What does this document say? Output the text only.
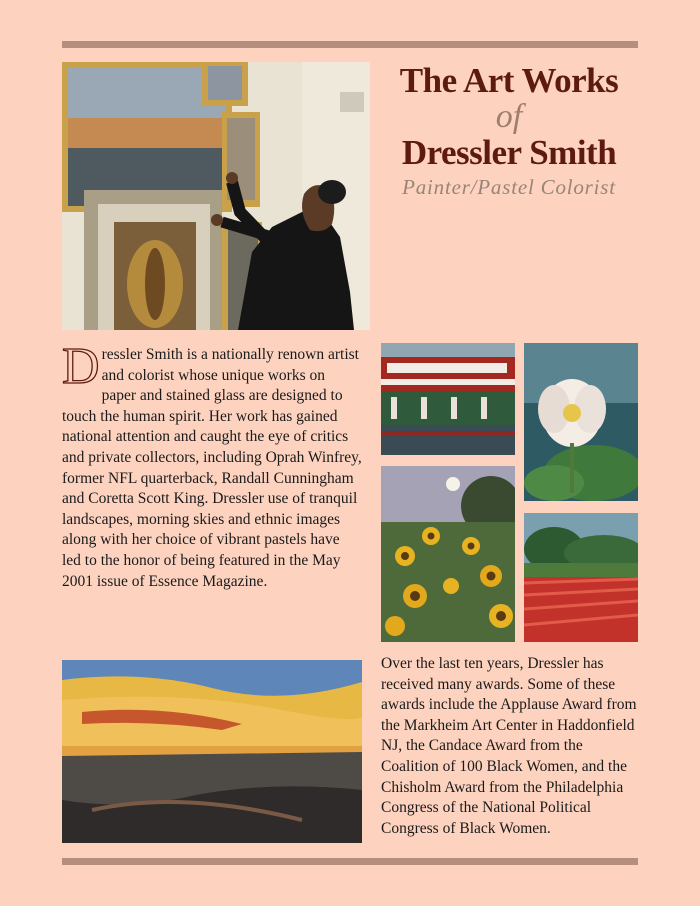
The Art Works
of
Dressler Smith
Painter/Pastel Colorist
Dressler Smith is a nationally renown artist and colorist whose unique works on paper and stained glass are designed to touch the human spirit. Her work has gained national attention and caught the eye of critics and private collectors, including Oprah Winfrey, former NFL quarterback, Randall Cunningham and Coretta Scott King. Dressler use of tranquil landscapes, morning skies and ethnic images along with her choice of vibrant pastels have led to the honor of being featured in the May 2001 issue of Essence Magazine.
Over the last ten years, Dressler has received many awards. Some of these awards include the Applause Award from the Markheim Art Center in Haddonfield NJ, the Candace Award from the Coalition of 100 Black Women, and the Chisholm Award from the Philadelphia Congress of the National Political Congress of Black Women.
